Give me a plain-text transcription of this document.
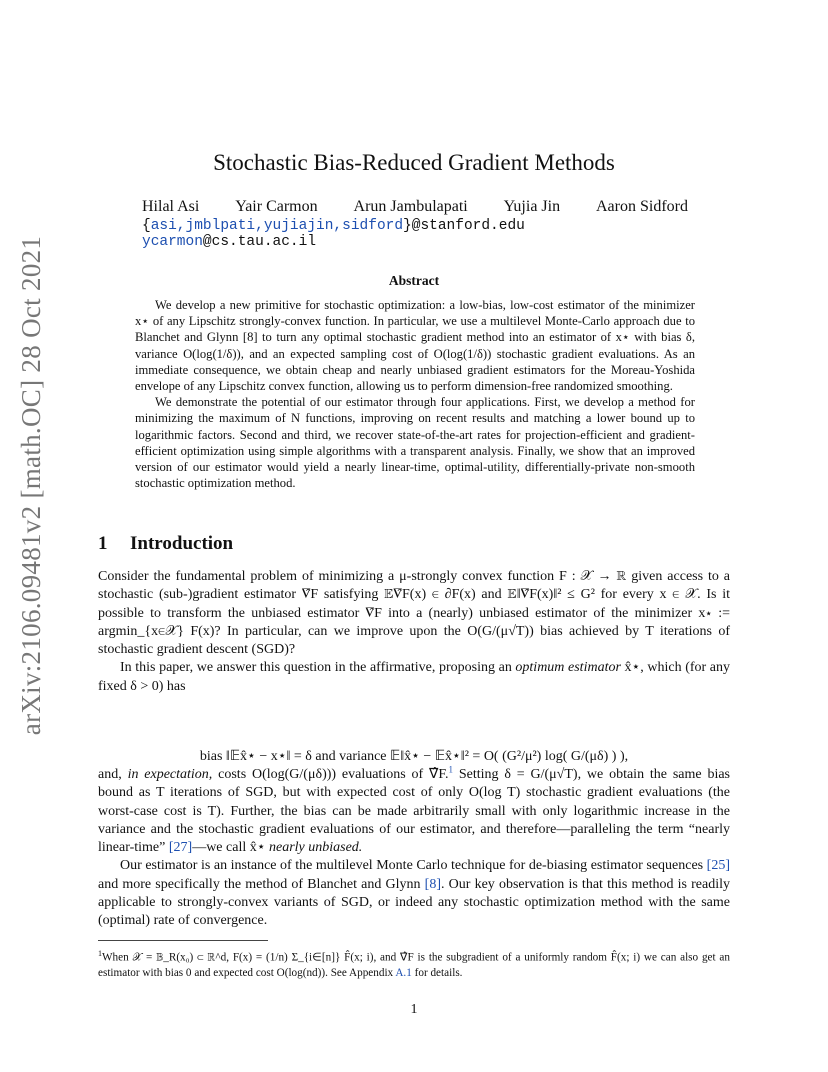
arXiv:2106.09481v2 [math.OC] 28 Oct 2021
Stochastic Bias-Reduced Gradient Methods
Hilal Asi Yair Carmon Arun Jambulapati Yujia Jin Aaron Sidford
{asi,jmblpati,yujiajin,sidford}@stanford.eduycarmon@cs.tau.ac.il
Abstract

We develop a new primitive for stochastic optimization: a low-bias, low-cost estimator of the minimizer x⋆ of any Lipschitz strongly-convex function. In particular, we use a multilevel Monte-Carlo approach due to Blanchet and Glynn [8] to turn any optimal stochastic gradient method into an estimator of x⋆ with bias δ, variance O(log(1/δ)), and an expected sampling cost of O(log(1/δ)) stochastic gradient evaluations. As an immediate consequence, we obtain cheap and nearly unbiased gradient estimators for the Moreau-Yoshida envelope of any Lipschitz convex function, allowing us to perform dimension-free randomized smoothing.

We demonstrate the potential of our estimator through four applications. First, we develop a method for minimizing the maximum of N functions, improving on recent results and matching a lower bound up to logarithmic factors. Second and third, we recover state-of-the-art rates for projection-efficient and gradient-efficient optimization using simple algorithms with a transparent analysis. Finally, we show that an improved version of our estimator would yield a nearly linear-time, optimal-utility, differentially-private non-smooth stochastic optimization method.

1 Introduction

Consider the fundamental problem of minimizing a μ-strongly convex function F : 𝒳 → ℝ given access to a stochastic (sub-)gradient estimator ∇̂F satisfying 𝔼∇̂F(x) ∈ ∂F(x) and 𝔼‖∇̂F(x)‖² ≤ G² for every x ∈ 𝒳. Is it possible to transform the unbiased estimator ∇̂F into a (nearly) unbiased estimator of the minimizer x⋆ := argmin_{x∈𝒳} F(x)? In particular, can we improve upon the O(G/(μ√T)) bias achieved by T iterations of stochastic gradient descent (SGD)?

In this paper, we answer this question in the affirmative, proposing an optimum estimator x̂⋆, which (for any fixed δ > 0) has

bias ‖𝔼x̂⋆ − x⋆‖ = δ and variance 𝔼‖x̂⋆ − 𝔼x̂⋆‖² = O( (G²/μ²) log( G/(μδ) ) ),

and, in expectation, costs O(log(G/(μδ))) evaluations of ∇̂F.$^1$ Setting δ = G/(μ√T), we obtain the same bias bound as T iterations of SGD, but with expected cost of only O(log T) stochastic gradient evaluations (the worst-case cost is T). Further, the bias can be made arbitrarily small with only logarithmic increase in the variance and the stochastic gradient evaluations of our estimator, and therefore—paralleling the term “nearly linear-time” [27]—we call x̂⋆ nearly unbiased.

Our estimator is an instance of the multilevel Monte Carlo technique for de-biasing estimator sequences [25] and more specifically the method of Blanchet and Glynn [8]. Our key observation is that this method is readily applicable to strongly-convex variants of SGD, or indeed any stochastic optimization method with the same (optimal) rate of convergence.

$^1$When 𝒳 = 𝔹_R(x₀) ⊂ ℝ^d, F(x) = (1/n) Σ_{i∈[n]} F̂(x; i), and ∇̂F is the subgradient of a uniformly random F̂(x; i) we can also get an estimator with bias 0 and expected cost O(log(nd)). See Appendix A.1 for details.
1
